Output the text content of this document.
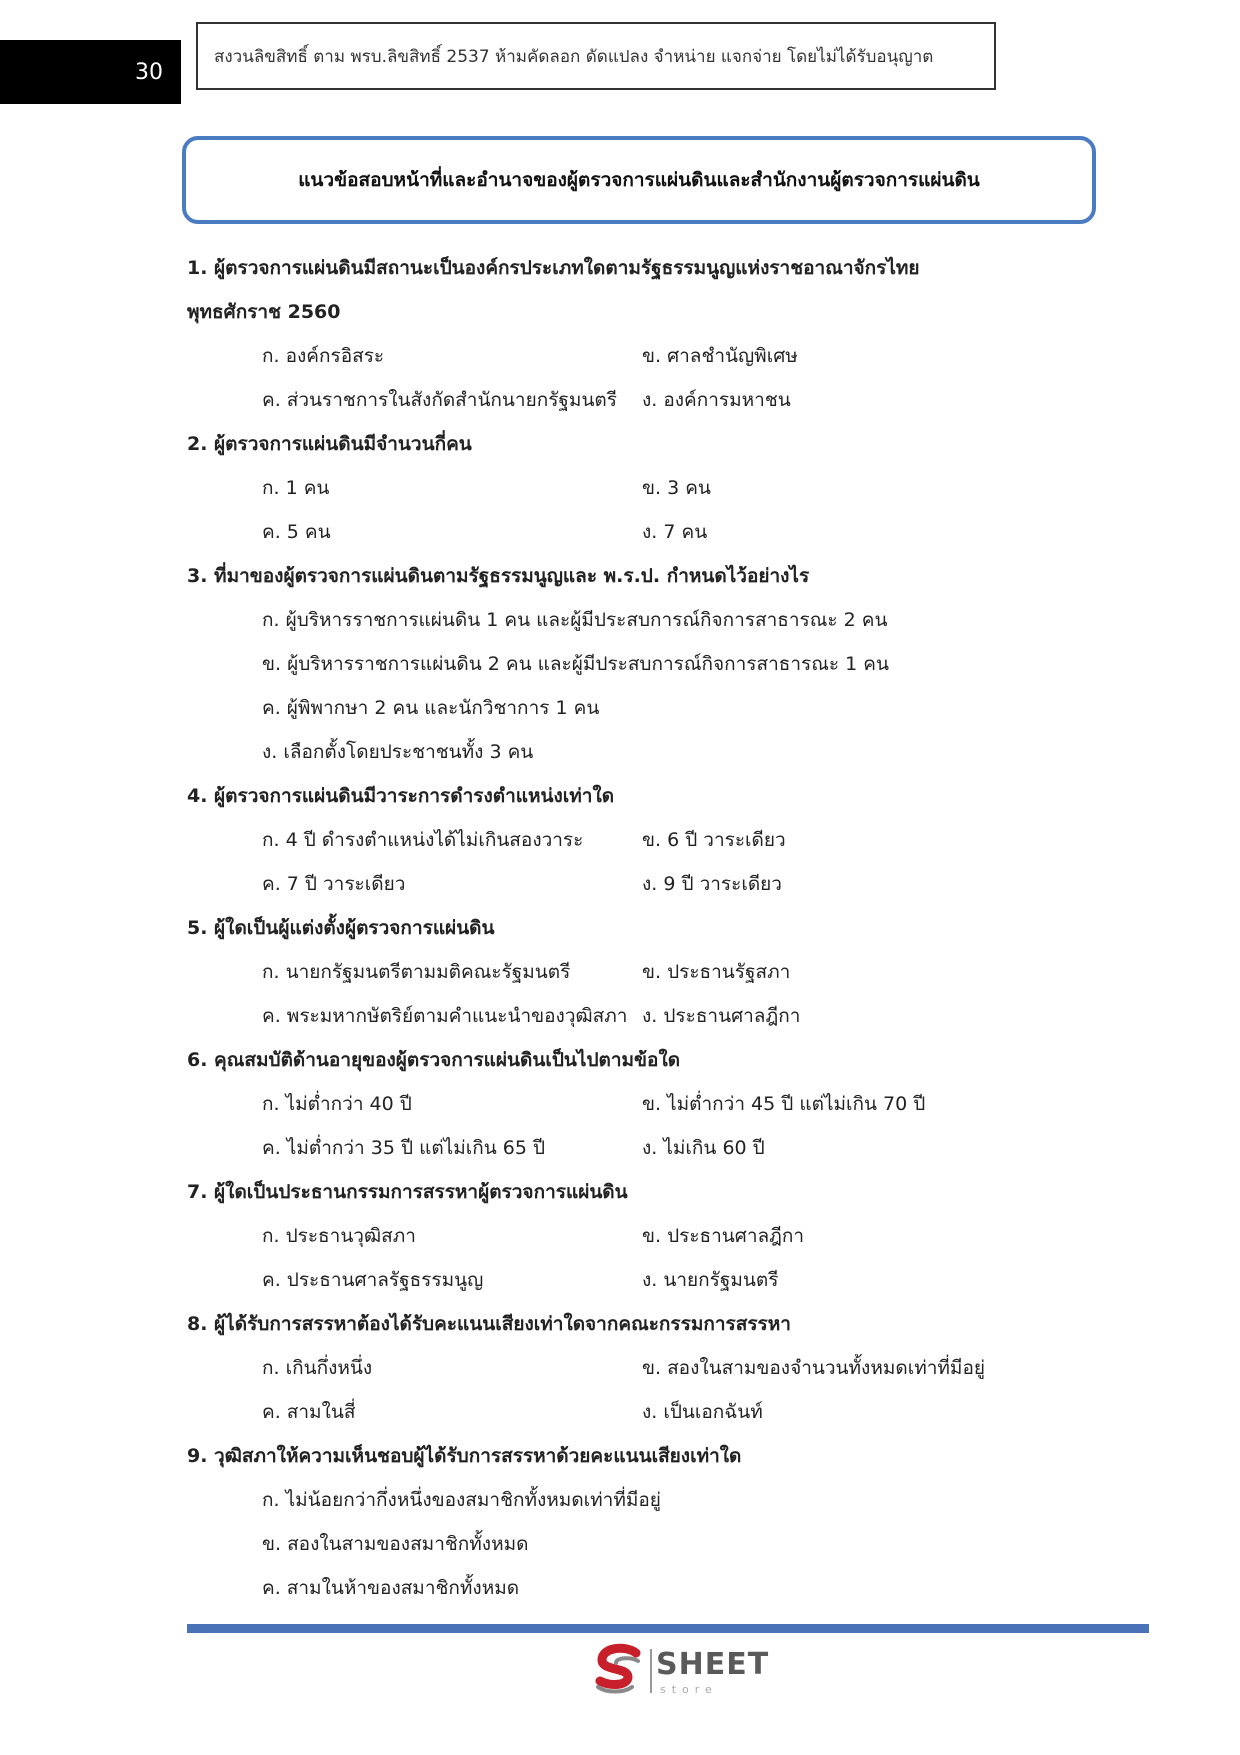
30
สงวนลิขสิทธิ์ ตาม พรบ.ลิขสิทธิ์ 2537 ห้ามคัดลอก ดัดแปลง จำหน่าย แจกจ่าย โดยไม่ได้รับอนุญาต
แนวข้อสอบหน้าที่และอำนาจของผู้ตรวจการแผ่นดินและสำนักงานผู้ตรวจการแผ่นดิน
1. ผู้ตรวจการแผ่นดินมีสถานะเป็นองค์กรประเภทใดตามรัฐธรรมนูญแห่งราชอาณาจักรไทย
พุทธศักราช 2560
ก. องค์กรอิสระ	ข. ศาลชำนัญพิเศษ
ค. ส่วนราชการในสังกัดสำนักนายกรัฐมนตรี	ง. องค์การมหาชน
2. ผู้ตรวจการแผ่นดินมีจำนวนกี่คน
ก. 1 คน	ข. 3 คน
ค. 5 คน	ง. 7 คน
3. ที่มาของผู้ตรวจการแผ่นดินตามรัฐธรรมนูญและ พ.ร.ป. กำหนดไว้อย่างไร
ก. ผู้บริหารราชการแผ่นดิน 1 คน และผู้มีประสบการณ์กิจการสาธารณะ 2 คน
ข. ผู้บริหารราชการแผ่นดิน 2 คน และผู้มีประสบการณ์กิจการสาธารณะ 1 คน
ค. ผู้พิพากษา 2 คน และนักวิชาการ 1 คน
ง. เลือกตั้งโดยประชาชนทั้ง 3 คน
4. ผู้ตรวจการแผ่นดินมีวาระการดำรงตำแหน่งเท่าใด
ก. 4 ปี ดำรงตำแหน่งได้ไม่เกินสองวาระ	ข. 6 ปี วาระเดียว
ค. 7 ปี วาระเดียว	ง. 9 ปี วาระเดียว
5. ผู้ใดเป็นผู้แต่งตั้งผู้ตรวจการแผ่นดิน
ก. นายกรัฐมนตรีตามมติคณะรัฐมนตรี	ข. ประธานรัฐสภา
ค. พระมหากษัตริย์ตามคำแนะนำของวุฒิสภา ง. ประธานศาลฎีกา
6. คุณสมบัติด้านอายุของผู้ตรวจการแผ่นดินเป็นไปตามข้อใด
ก. ไม่ต่ำกว่า 40 ปี	ข. ไม่ต่ำกว่า 45 ปี แต่ไม่เกิน 70 ปี
ค. ไม่ต่ำกว่า 35 ปี แต่ไม่เกิน 65 ปี	ง. ไม่เกิน 60 ปี
7. ผู้ใดเป็นประธานกรรมการสรรหาผู้ตรวจการแผ่นดิน
ก. ประธานวุฒิสภา	ข. ประธานศาลฎีกา
ค. ประธานศาลรัฐธรรมนูญ	ง. นายกรัฐมนตรี
8. ผู้ได้รับการสรรหาต้องได้รับคะแนนเสียงเท่าใดจากคณะกรรมการสรรหา
ก. เกินกึ่งหนึ่ง	ข. สองในสามของจำนวนทั้งหมดเท่าที่มีอยู่
ค. สามในสี่	ง. เป็นเอกฉันท์
9. วุฒิสภาให้ความเห็นชอบผู้ได้รับการสรรหาด้วยคะแนนเสียงเท่าใด
ก. ไม่น้อยกว่ากึ่งหนึ่งของสมาชิกทั้งหมดเท่าที่มีอยู่
ข. สองในสามของสมาชิกทั้งหมด
ค. สามในห้าของสมาชิกทั้งหมด
SHEET
store
